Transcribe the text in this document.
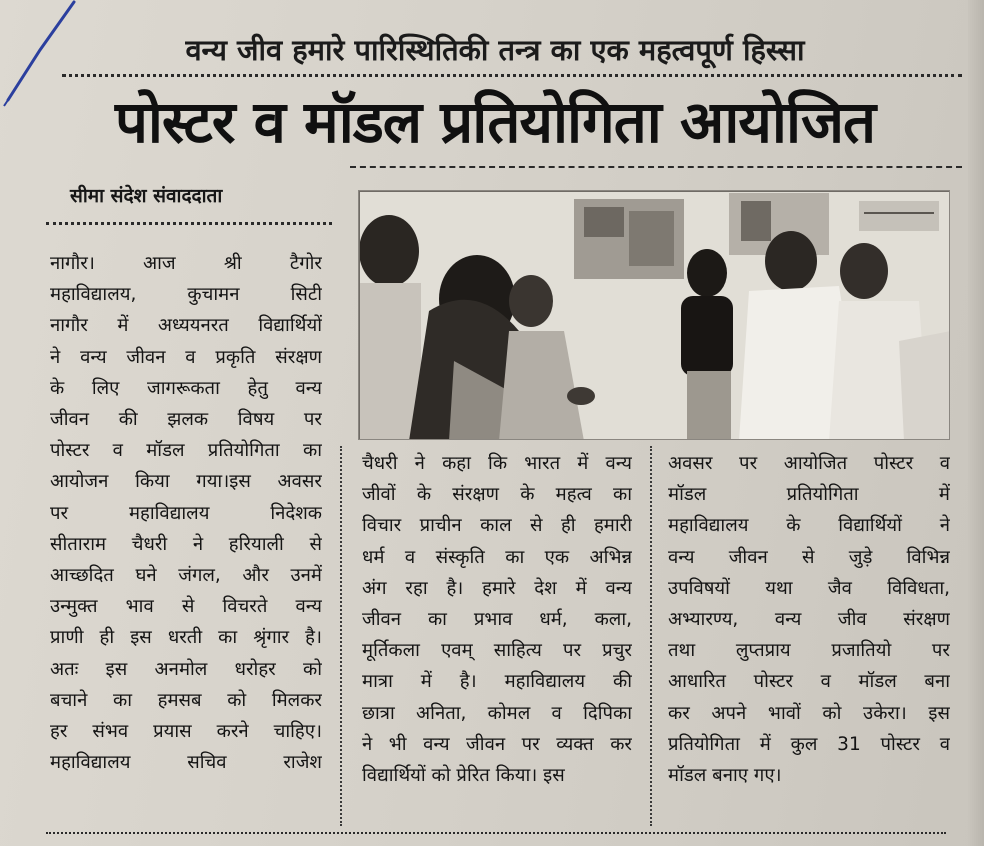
वन्य जीव हमारे पारिस्थितिकी तन्त्र का एक महत्वपूर्ण हिस्सा
पोस्टर व मॉडल प्रतियोगिता आयोजित
सीमा संदेश संवाददाता

नागौर। आज श्री टैगोर

महाविद्यालय, कुचामन सिटी

नागौर में अध्ययनरत विद्यार्थियों

ने वन्य जीवन व प्रकृति संरक्षण

के लिए जागरूकता हेतु वन्य

जीवन की झलक विषय पर

पोस्टर व मॉडल प्रतियोगिता का

आयोजन किया गया।इस अवसर

पर महाविद्यालय निदेशक

सीताराम चैधरी ने हरियाली से

आच्छदित घने जंगल, और उनमें

उन्मुक्त भाव से विचरते वन्य

प्राणी ही इस धरती का श्रृंगार है।

अतः इस अनमोल धरोहर को

बचाने का हमसब को मिलकर

हर संभव प्रयास करने चाहिए।

महाविद्यालय सचिव राजेश

चैधरी ने कहा कि भारत में वन्य

जीवों के संरक्षण के महत्व का

विचार प्राचीन काल से ही हमारी

धर्म व संस्कृति का एक अभिन्न

अंग रहा है। हमारे देश में वन्य

जीवन का प्रभाव धर्म, कला,

मूर्तिकला एवम् साहित्य पर प्रचुर

मात्रा में है। महाविद्यालय की

छात्रा अनिता, कोमल व दिपिका

ने भी वन्य जीवन पर व्यक्त कर

विद्यार्थियों को प्रेरित किया। इस

अवसर पर आयोजित पोस्टर व

मॉडल प्रतियोगिता में

महाविद्यालय के विद्यार्थियों ने

वन्य जीवन से जुड़े विभिन्न

उपविषयों यथा जैव विविधता,

अभ्यारण्य, वन्य जीव संरक्षण

तथा लुप्तप्राय प्रजातियो पर

आधारित पोस्टर व मॉडल बना

कर अपने भावों को उकेरा। इस

प्रतियोगिता में कुल 31 पोस्टर व

मॉडल बनाए गए।
